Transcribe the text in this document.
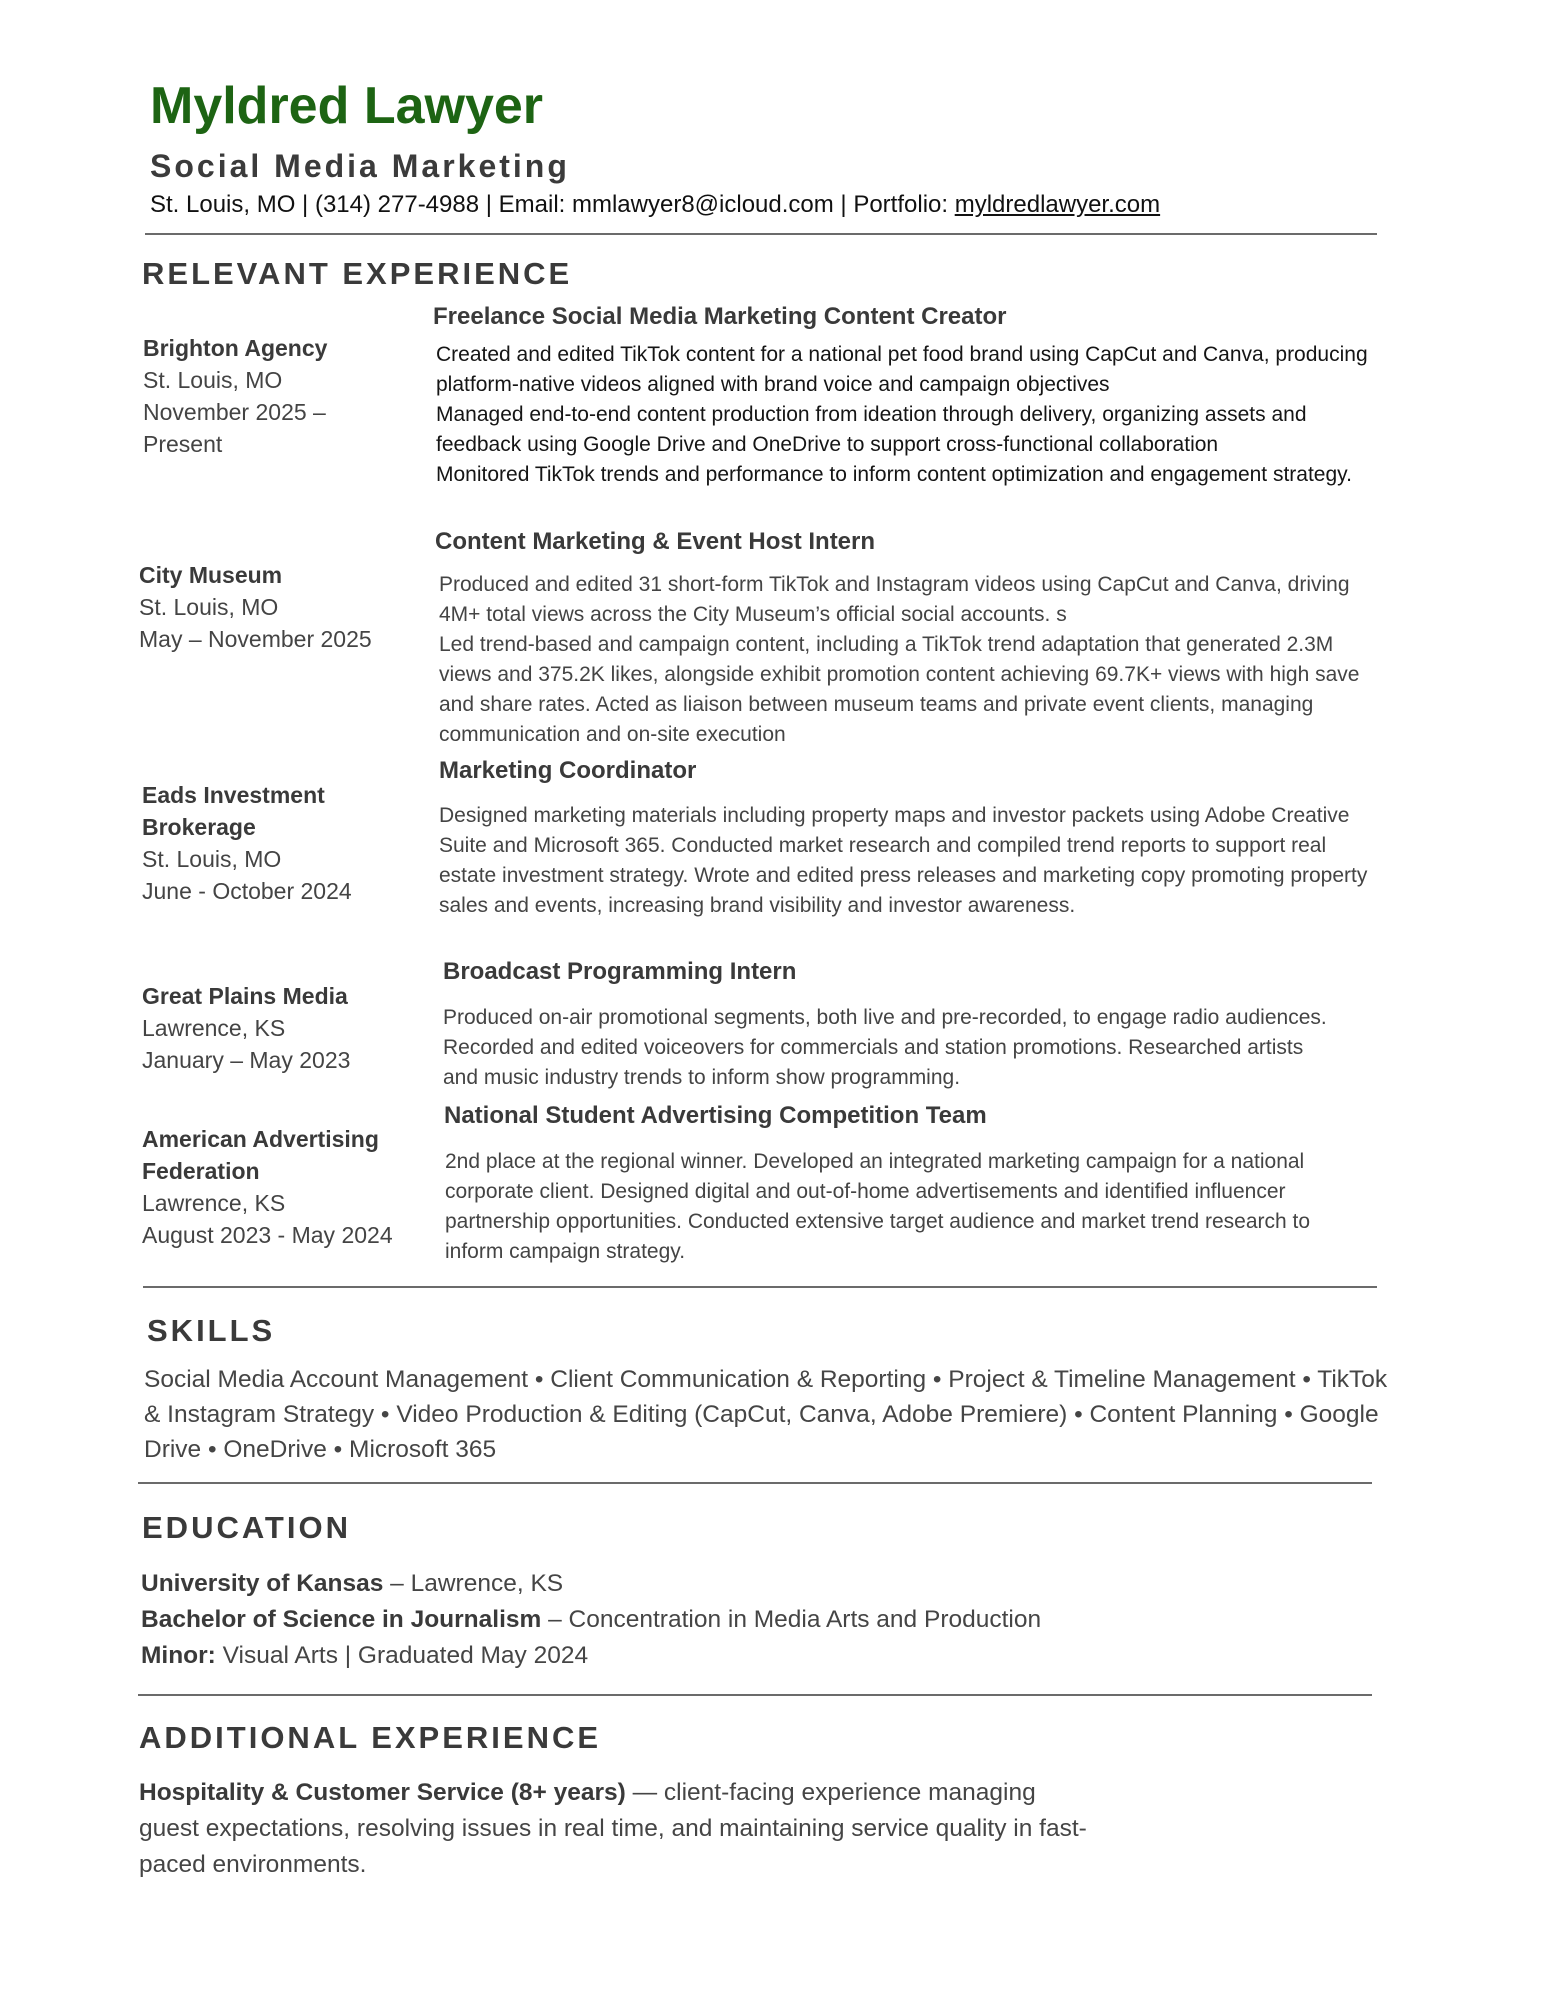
Myldred Lawyer
Social Media Marketing
St. Louis, MO | (314) 277-4988 | Email: mmlawyer8@icloud.com | Portfolio: myldredlawyer.com
RELEVANT EXPERIENCE
Brighton Agency
St. Louis, MO
November 2025 –
Present
Freelance Social Media Marketing Content Creator

Created and edited TikTok content for a national pet food brand using CapCut and Canva, producing platform-native videos aligned with brand voice and campaign objectives

Managed end-to-end content production from ideation through delivery, organizing assets and feedback using Google Drive and OneDrive to support cross-functional collaboration

Monitored TikTok trends and performance to inform content optimization and engagement strategy.

City Museum
St. Louis, MO
May – November 2025
Content Marketing & Event Host Intern

Produced and edited 31 short-form TikTok and Instagram videos using CapCut and Canva, driving 4M+ total views across the City Museum’s official social accounts. s

Led trend-based and campaign content, including a TikTok trend adaptation that generated 2.3M views and 375.2K likes, alongside exhibit promotion content achieving 69.7K+ views with high save and share rates. Acted as liaison between museum teams and private event clients, managing communication and on-site execution

Eads Investment
Brokerage
St. Louis, MO
June - October 2024
Marketing Coordinator
Designed marketing materials including property maps and investor packets using Adobe Creative Suite and Microsoft 365. Conducted market research and compiled trend reports to support real estate investment strategy. Wrote and edited press releases and marketing copy promoting property sales and events, increasing brand visibility and investor awareness.
Great Plains Media
Lawrence, KS
January – May 2023
Broadcast Programming Intern
Produced on-air promotional segments, both live and pre-recorded, to engage radio audiences. Recorded and edited voiceovers for commercials and station promotions. Researched artists and music industry trends to inform show programming.
American Advertising
Federation
Lawrence, KS
August 2023 - May 2024
National Student Advertising Competition Team
2nd place at the regional winner. Developed an integrated marketing campaign for a national corporate client. Designed digital and out-of-home advertisements and identified influencer partnership opportunities. Conducted extensive target audience and market trend research to inform campaign strategy.
SKILLS
Social Media Account Management • Client Communication & Reporting • Project & Timeline Management • TikTok & Instagram Strategy • Video Production & Editing (CapCut, Canva, Adobe Premiere) • Content Planning • Google Drive • OneDrive • Microsoft 365
EDUCATION
University of Kansas – Lawrence, KS
Bachelor of Science in Journalism – Concentration in Media Arts and Production
Minor: Visual Arts | Graduated May 2024
ADDITIONAL EXPERIENCE
Hospitality & Customer Service (8+ years) — client-facing experience managing guest expectations, resolving issues in real time, and maintaining service quality in fast-paced environments.
